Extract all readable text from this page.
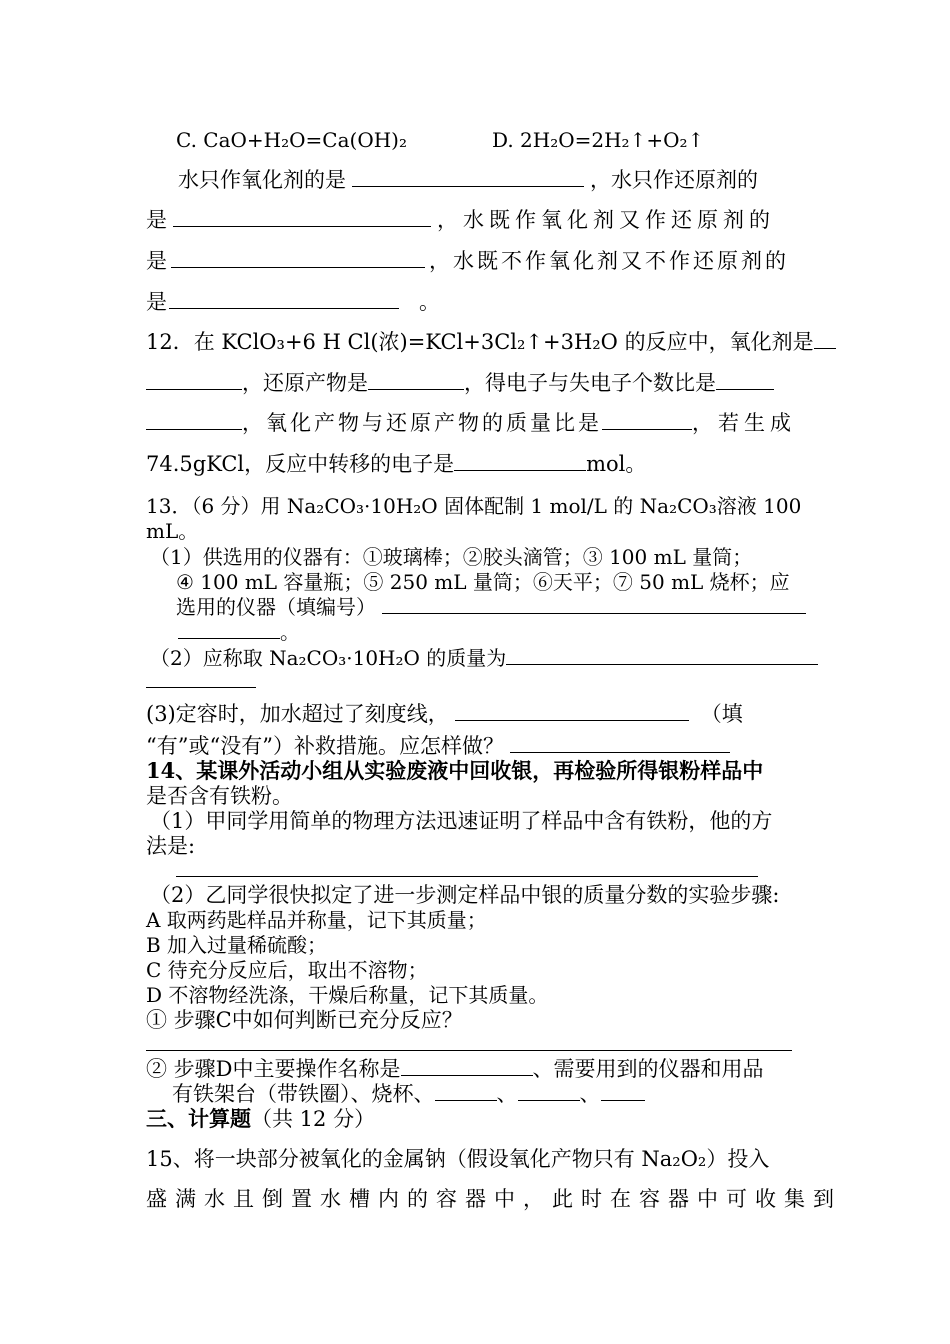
C. CaO+H₂O=Ca(OH)₂	D. 2H₂O=2H₂↑+O₂↑
水只作氧化剂的是	，水只作还原剂的
是	，水既作氧化剂又作还原剂的
是	，水既不作氧化剂又不作还原剂的
是	。
12．在 KClO₃+6 H Cl(浓)=KCl+3Cl₂↑+3H₂O 的反应中，氧化剂是
，还原产物是	，得电子与失电子个数比是
，氧化产物与还原产物的质量比是	，若生成
74.5gKCl，反应中转移的电子是	mol。
13．（6 分）用 Na₂CO₃·10H₂O 固体配制 1 mol/L 的 Na₂CO₃溶液 100
mL。
（1）供选用的仪器有：①玻璃棒；②胶头滴管；③ 100 mL 量筒；
④ 100 mL 容量瓶；⑤ 250 mL 量筒；⑥天平；⑦ 50 mL 烧杯；应
选用的仪器（填编号）
。
（2）应称取 Na₂CO₃·10H₂O 的质量为
(3)定容时，加水超过了刻度线，	（填
“有”或“没有”）补救措施。应怎样做？
14、某课外活动小组从实验废液中回收银，再检验所得银粉样品中
是否含有铁粉。
（1）甲同学用简单的物理方法迅速证明了样品中含有铁粉，他的方
法是:
（2）乙同学很快拟定了进一步测定样品中银的质量分数的实验步骤:
A 取两药匙样品并称量，记下其质量；
B 加入过量稀硫酸；
C 待充分反应后，取出不溶物；
D 不溶物经洗涤，干燥后称量，记下其质量。
① 步骤C中如何判断已充分反应？
② 步骤D中主要操作名称是	、需要用到的仪器和用品
有铁架台（带铁圈）、烧杯、	、	、
三、计算题（共 12 分）
15、将一块部分被氧化的金属钠（假设氧化产物只有 Na₂O₂）投入
盛满水且倒置水槽内的容器中，此时在容器中可收集到
